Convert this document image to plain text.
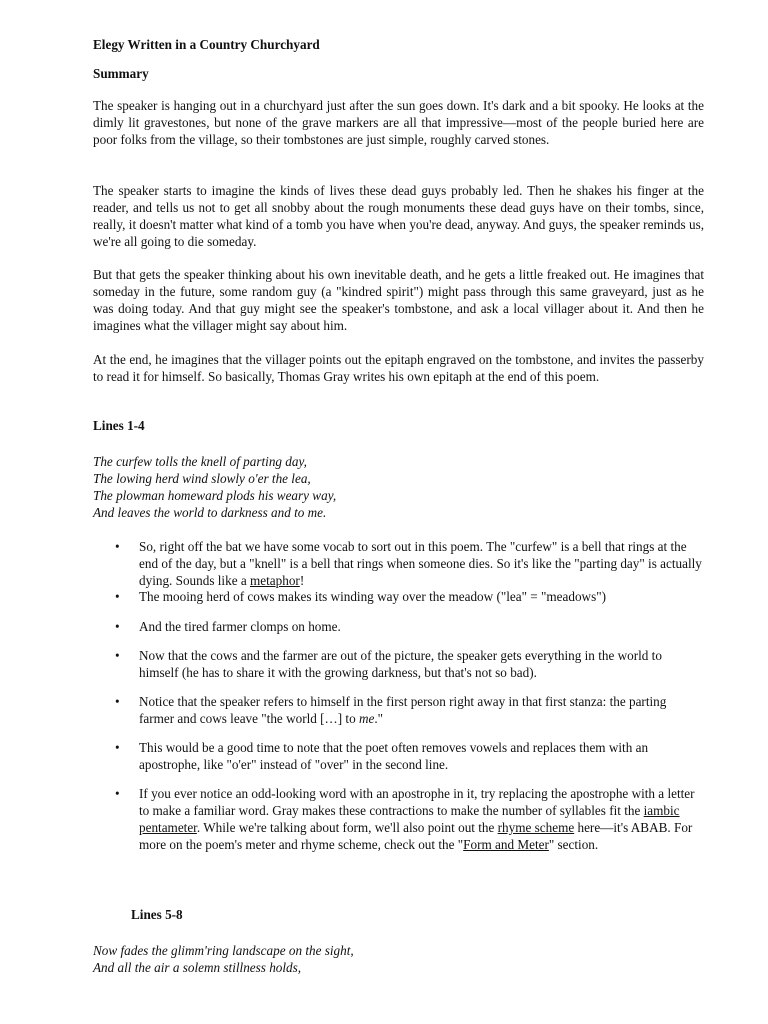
Elegy Written in a Country Churchyard

Summary

The speaker is hanging out in a churchyard just after the sun goes down. It's dark and a bit spooky. He looks at the dimly lit gravestones, but none of the grave markers are all that impressive—most of the people buried here are poor folks from the village, so their tombstones are just simple, roughly carved stones.

The speaker starts to imagine the kinds of lives these dead guys probably led. Then he shakes his finger at the reader, and tells us not to get all snobby about the rough monuments these dead guys have on their tombs, since, really, it doesn't matter what kind of a tomb you have when you're dead, anyway. And guys, the speaker reminds us, we're all going to die someday.

But that gets the speaker thinking about his own inevitable death, and he gets a little freaked out. He imagines that someday in the future, some random guy (a "kindred spirit") might pass through this same graveyard, just as he was doing today. And that guy might see the speaker's tombstone, and ask a local villager about it. And then he imagines what the villager might say about him.

At the end, he imagines that the villager points out the epitaph engraved on the tombstone, and invites the passerby to read it for himself. So basically, Thomas Gray writes his own epitaph at the end of this poem.

Lines 1-4

The curfew tolls the knell of parting day,
The lowing herd wind slowly o'er the lea,
The plowman homeward plods his weary way,
And leaves the world to darkness and to me.
• So, right off the bat we have some vocab to sort out in this poem. The "curfew" is a bell that rings at the end of the day, but a "knell" is a bell that rings when someone dies. So it's like the "parting day" is actually dying. Sounds like a metaphor!
• The mooing herd of cows makes its winding way over the meadow ("lea" = "meadows")
• And the tired farmer clomps on home.
• Now that the cows and the farmer are out of the picture, the speaker gets everything in the world to himself (he has to share it with the growing darkness, but that's not so bad).
• Notice that the speaker refers to himself in the first person right away in that first stanza: the parting farmer and cows leave "the world […] to me."
• This would be a good time to note that the poet often removes vowels and replaces them with an apostrophe, like "o'er" instead of "over" in the second line.
• If you ever notice an odd-looking word with an apostrophe in it, try replacing the apostrophe with a letter to make a familiar word. Gray makes these contractions to make the number of syllables fit the iambic pentameter. While we're talking about form, we'll also point out the rhyme scheme here—it's ABAB. For more on the poem's meter and rhyme scheme, check out the "Form and Meter" section.

Lines 5-8

Now fades the glimm'ring landscape on the sight,
And all the air a solemn stillness holds,
